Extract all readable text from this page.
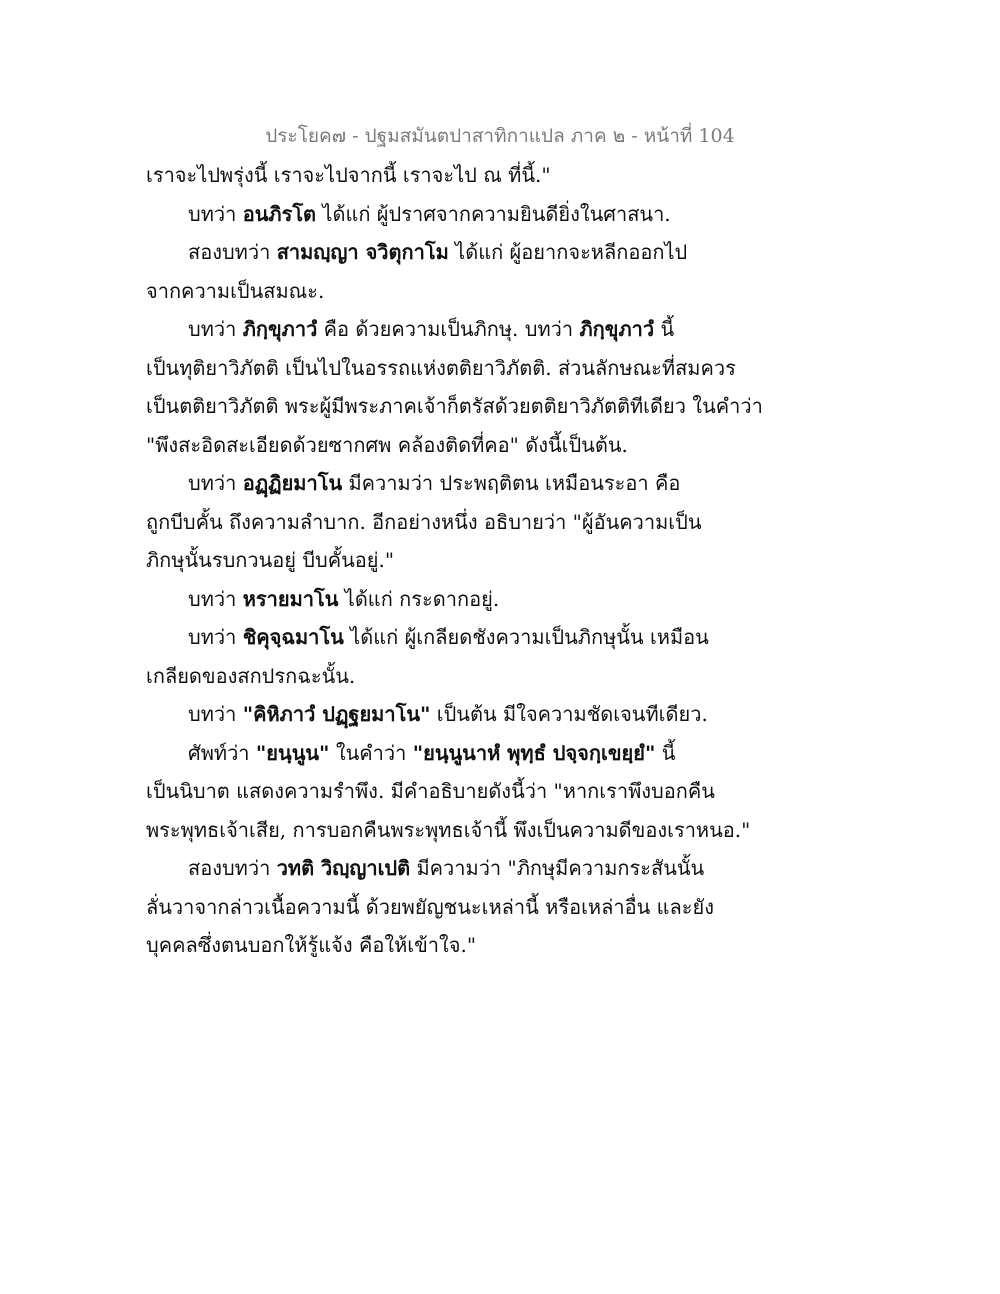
ประโยค๗ - ปฐมสมันตปาสาทิกาแปล ภาค ๒ - หน้าที่ 104
เราจะไปพรุ่งนี้ เราจะไปจากนี้ เราจะไป ณ ที่นี้."
บทว่า อนภิรโต ได้แก่ ผู้ปราศจากความยินดียิ่งในศาสนา.
สองบทว่า สามญฺญา จวิตุกาโม ได้แก่ ผู้อยากจะหลีกออกไป
จากความเป็นสมณะ.
บทว่า ภิกฺขุภาวํ คือ ด้วยความเป็นภิกษุ. บทว่า ภิกฺขุภาวํ นี้
เป็นทุติยาวิภัตติ เป็นไปในอรรถแห่งตติยาวิภัตติ. ส่วนลักษณะที่สมควร
เป็นตติยาวิภัตติ พระผู้มีพระภาคเจ้าก็ตรัสด้วยตติยาวิภัตติทีเดียว ในคำว่า
"พึงสะอิดสะเอียดด้วยซากศพ คล้องติดที่คอ" ดังนี้เป็นต้น.
บทว่า อฏฺฏิยมาโน มีความว่า ประพฤติตน เหมือนระอา คือ
ถูกบีบคั้น ถึงความลำบาก. อีกอย่างหนึ่ง อธิบายว่า "ผู้อันความเป็น
ภิกษุนั้นรบกวนอยู่ บีบคั้นอยู่."
บทว่า หรายมาโน ได้แก่ กระดากอยู่.
บทว่า ชิคุจฺฉมาโน ได้แก่ ผู้เกลียดชังความเป็นภิกษุนั้น เหมือน
เกลียดของสกปรกฉะนั้น.
บทว่า "คิหิภาวํ ปฏฺฐยมาโน" เป็นต้น มีใจความชัดเจนทีเดียว.
ศัพท์ว่า "ยนฺนูน" ในคำว่า "ยนฺนูนาหํ พุทฺธํ ปจฺจกฺเขยฺยํ" นี้
เป็นนิบาต แสดงความรำพึง. มีคำอธิบายดังนี้ว่า "หากเราพึงบอกคืน
พระพุทธเจ้าเสีย, การบอกคืนพระพุทธเจ้านี้ พึงเป็นความดีของเราหนอ."
สองบทว่า วทติ วิญฺญาเปติ มีความว่า "ภิกษุมีความกระสันนั้น
ลั่นวาจากล่าวเนื้อความนี้ ด้วยพยัญชนะเหล่านี้ หรือเหล่าอื่น และยัง
บุคคลซึ่งตนบอกให้รู้แจ้ง คือให้เข้าใจ."
